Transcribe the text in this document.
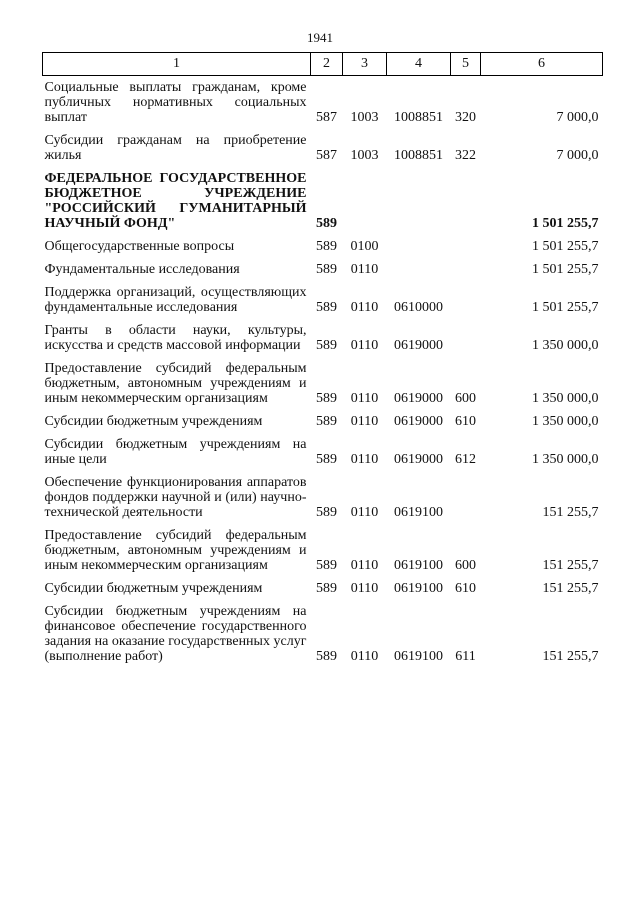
1941
1	2	3	4	5	6
Социальные выплаты гражданам, кроме публичных нормативных социальных выплат	587	1003	1008851	320	7 000,0
Субсидии гражданам на приобретение жилья	587	1003	1008851	322	7 000,0
ФЕДЕРАЛЬНОЕ ГОСУДАРСТВЕННОЕ БЮДЖЕТНОЕ УЧРЕЖДЕНИЕ "РОССИЙСКИЙ ГУМАНИТАРНЫЙ НАУЧНЫЙ ФОНД"	589				1 501 255,7
Общегосударственные вопросы	589	0100			1 501 255,7
Фундаментальные исследования	589	0110			1 501 255,7
Поддержка организаций, осуществляющих фундаментальные исследования	589	0110	0610000		1 501 255,7
Гранты в области науки, культуры, искусства и средств массовой информации	589	0110	0619000		1 350 000,0
Предоставление субсидий федеральным бюджетным, автономным учреждениям и иным некоммерческим организациям	589	0110	0619000	600	1 350 000,0
Субсидии бюджетным учреждениям	589	0110	0619000	610	1 350 000,0
Субсидии бюджетным учреждениям на иные цели	589	0110	0619000	612	1 350 000,0
Обеспечение функционирования аппаратов фондов поддержки научной и (или) научно-технической деятельности	589	0110	0619100		151 255,7
Предоставление субсидий федеральным бюджетным, автономным учреждениям и иным некоммерческим организациям	589	0110	0619100	600	151 255,7
Субсидии бюджетным учреждениям	589	0110	0619100	610	151 255,7
Субсидии бюджетным учреждениям на финансовое обеспечение государственного задания на оказание государственных услуг (выполнение работ)	589	0110	0619100	611	151 255,7
